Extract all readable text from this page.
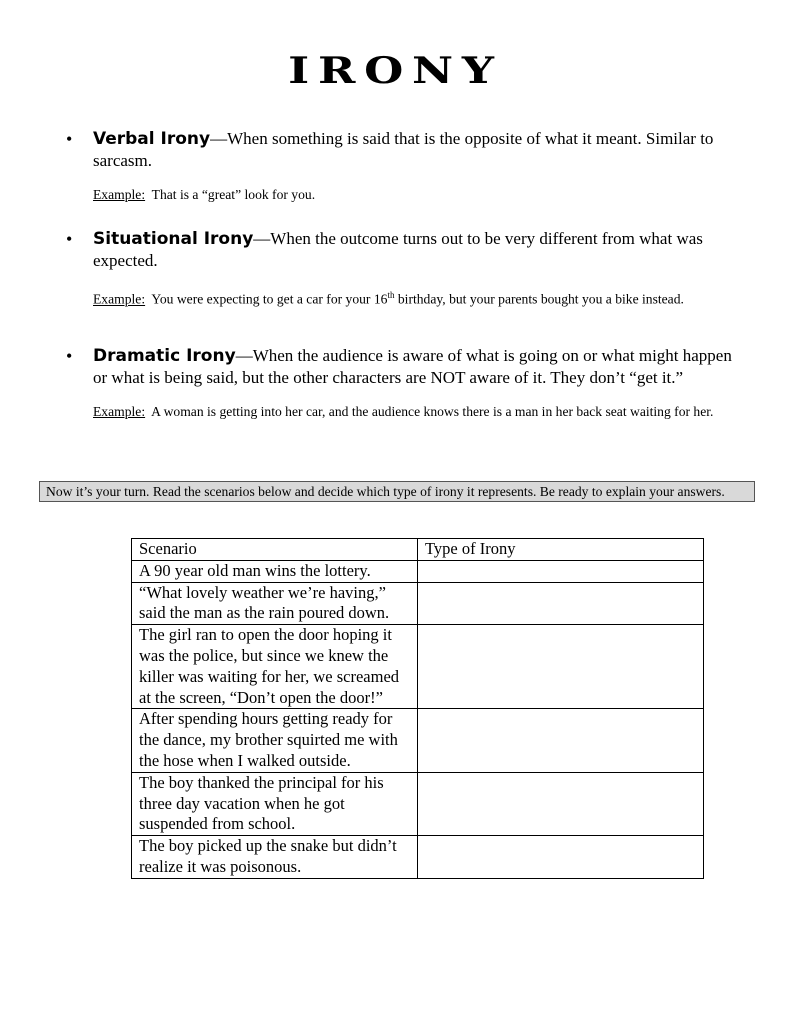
IRONY
• Verbal Irony—When something is said that is the opposite of what it meant. Similar to sarcasm.
Example: That is a “great” look for you.
• Situational Irony—When the outcome turns out to be very different from what was expected.
Example: You were expecting to get a car for your 16th birthday, but your parents bought you a bike instead.
• Dramatic Irony—When the audience is aware of what is going on or what might happen or what is being said, but the other characters are NOT aware of it. They don’t “get it.”
Example: A woman is getting into her car, and the audience knows there is a man in her back seat waiting for her.
Now it’s your turn. Read the scenarios below and decide which type of irony it represents. Be ready to explain your answers.
Scenario	Type of Irony
A 90 year old man wins the lottery.	
“What lovely weather we’re having,” said the man as the rain poured down.	
The girl ran to open the door hoping it was the police, but since we knew the killer was waiting for her, we screamed at the screen, “Don’t open the door!”	
After spending hours getting ready for the dance, my brother squirted me with the hose when I walked outside.	
The boy thanked the principal for his three day vacation when he got suspended from school.	
The boy picked up the snake but didn’t realize it was poisonous.	
